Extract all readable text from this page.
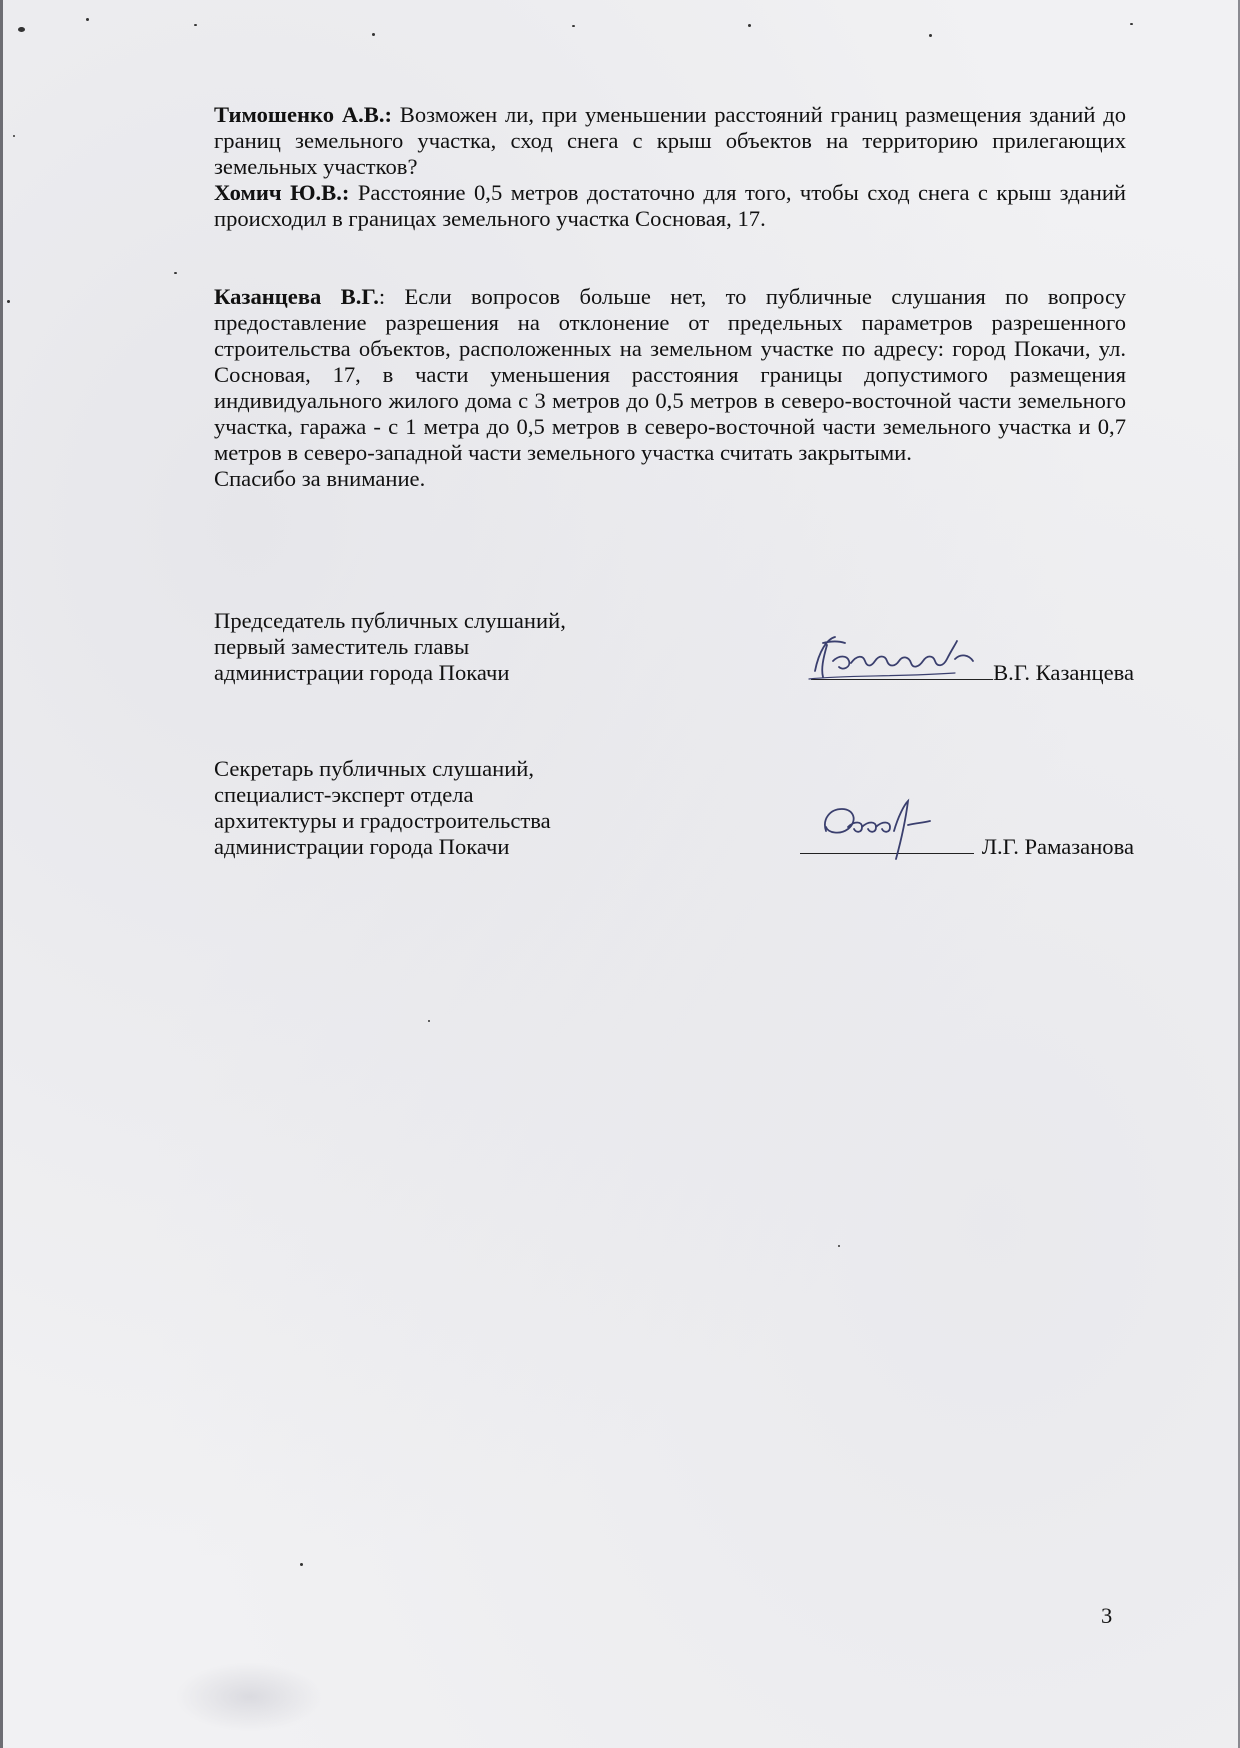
Тимошенко А.В.: Возможен ли, при уменьшении расстояний границ размещения зданий до границ земельного участка, сход снега с крыш объектов на территорию прилегающих земельных участков?

Хомич Ю.В.: Расстояние 0,5 метров достаточно для того, чтобы сход снега с крыш зданий происходил в границах земельного участка Сосновая, 17.

Казанцева В.Г.: Если вопросов больше нет, то публичные слушания по вопросу предоставление разрешения на отклонение от предельных параметров разрешенного строительства объектов, расположенных на земельном участке по адресу: город Покачи, ул. Сосновая, 17, в части уменьшения расстояния границы допустимого размещения индивидуального жилого дома с 3 метров до 0,5 метров в северо-восточной части земельного участка, гаража - с 1 метра до 0,5 метров в северо-восточной части земельного участка и 0,7 метров в северо-западной части земельного участка считать закрытыми.

Спасибо за внимание.

Председатель публичных слушаний,
первый заместитель главы
администрации города Покачи	В.Г. Казанцева
Секретарь публичных слушаний,
специалист-эксперт отдела
архитектуры и градостроительства
администрации города Покачи	Л.Г. Рамазанова
3
